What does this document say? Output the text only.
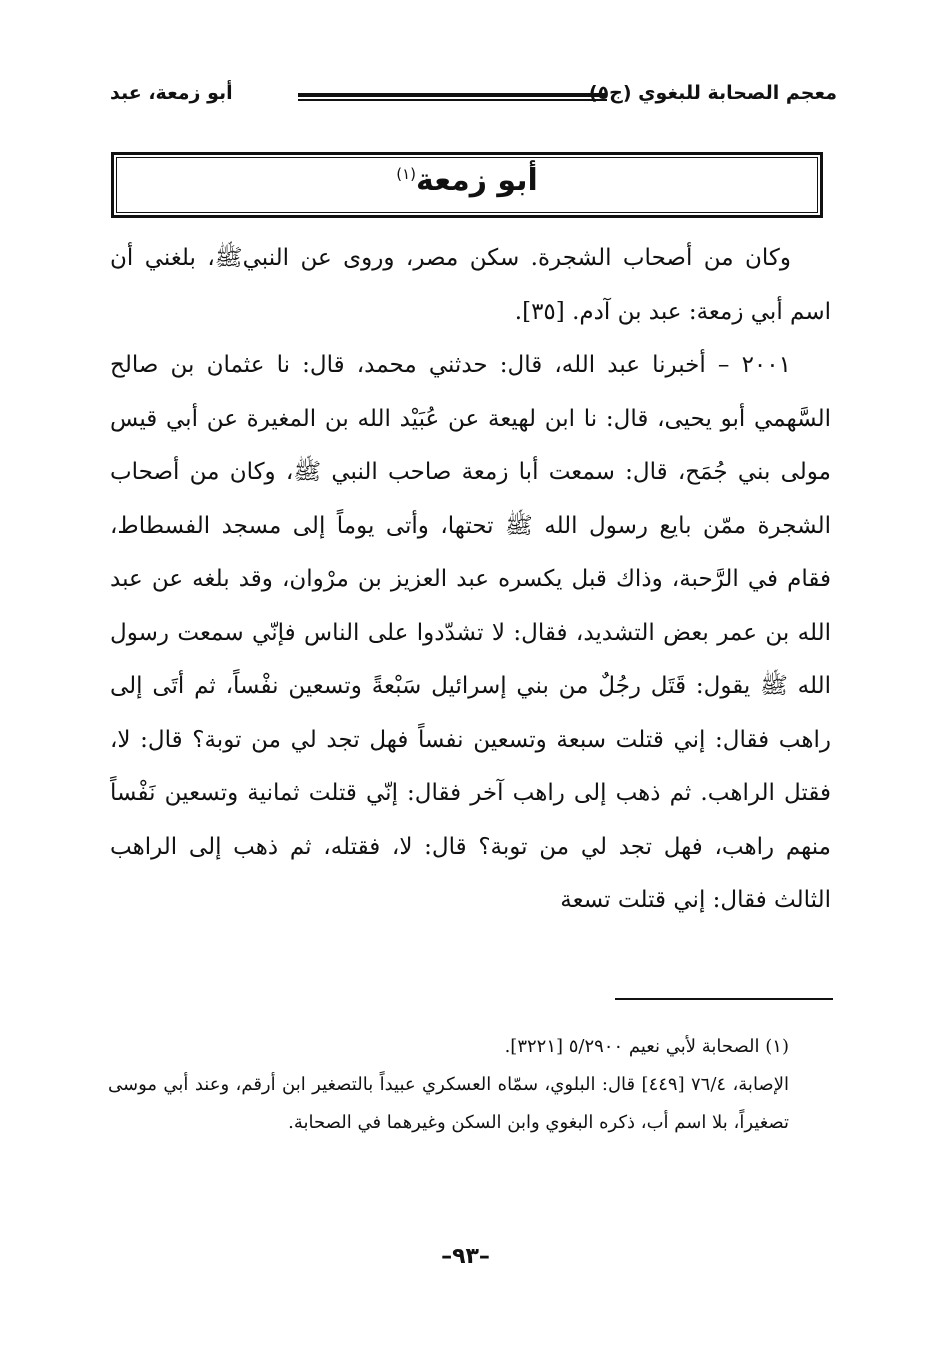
معجم الصحابة للبغوي (ج٥)
أبو زمعة، عبد
أبو زمعة$^{(١)}$

وكان من أصحاب الشجرة. سكن مصر، وروى عن النبيﷺ، بلغني أن اسم أبي زمعة: عبد بن آدم. [٣٥].

٢٠٠١ – أخبرنا عبد الله، قال: حدثني محمد، قال: نا عثمان بن صالح السَّهمي أبو يحيى، قال: نا ابن لهيعة عن عُبَيْد الله بن المغيرة عن أبي قيس مولى بني جُمَح، قال: سمعت أبا زمعة صاحب النبي ﷺ، وكان من أصحاب الشجرة ممّن بايع رسول الله ﷺ تحتها، وأتى يوماً إلى مسجد الفسطاط، فقام في الرَّحبة، وذاك قبل يكسره عبد العزيز بن مرْوان، وقد بلغه عن عبد الله بن عمر بعض التشديد، فقال: لا تشدّدوا على الناس فإنّي سمعت رسول الله ﷺ يقول: قَتَل رجُلٌ من بني إسرائيل سَبْعةً وتسعين نفْساً، ثم أتَى إلى راهب فقال: إني قتلت سبعة وتسعين نفساً فهل تجد لي من توبة؟ قال: لا، فقتل الراهب. ثم ذهب إلى راهب آخر فقال: إنّي قتلت ثمانية وتسعين نَفْساً منهم راهب، فهل تجد لي من توبة؟ قال: لا، فقتله، ثم ذهب إلى الراهب الثالث فقال: إني قتلت تسعة

(١) الصحابة لأبي نعيم ٥/٢٩٠٠ [٣٢٢١].

الإصابة، ٧٦/٤ [٤٤٩] قال: البلوي، سمّاه العسكري عبيداً بالتصغير ابن أرقم، وعند أبي موسى تصغيراً، بلا اسم أب، ذكره البغوي وابن السكن وغيرهما في الصحابة.

–٩٣–
